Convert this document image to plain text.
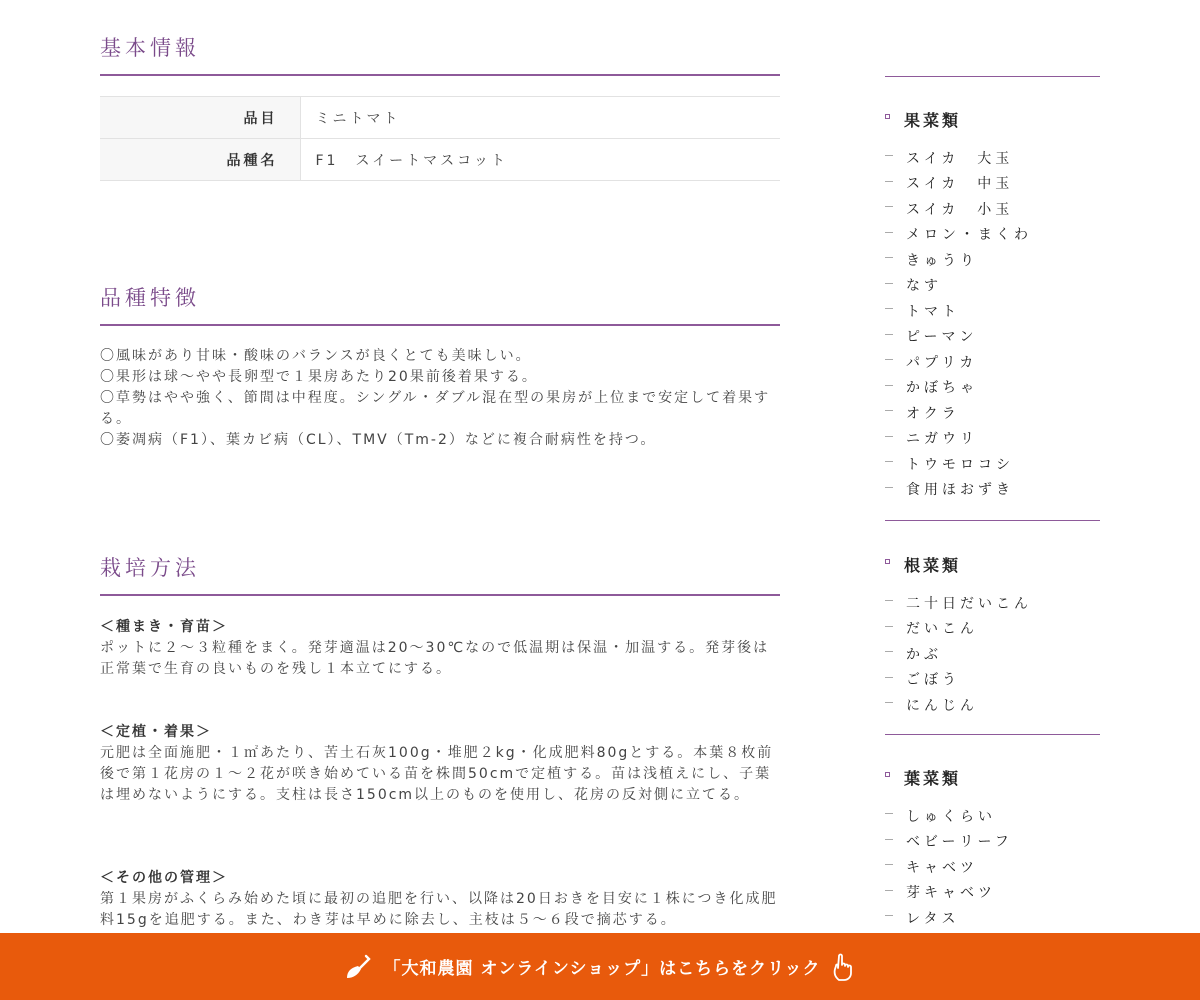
基本情報
品目	ミニトマト
品種名	F1　スイートマスコット
品種特徴

〇風味があり甘味・酸味のバランスが良くとても美味しい。

〇果形は球～やや長卵型で１果房あたり20果前後着果する。

〇草勢はやや強く、節間は中程度。シングル・ダブル混在型の果房が上位まで安定して着果する。

〇萎凋病（F1）、葉カビ病（CL）、TMV（Tm-2）などに複合耐病性を持つ。

栽培方法

＜種まき・育苗＞

ポットに２～３粒種をまく。発芽適温は20～30℃なので低温期は保温・加温する。発芽後は正常葉で生育の良いものを残し１本立てにする。

＜定植・着果＞

元肥は全面施肥・１㎡あたり、苦土石灰100g・堆肥２kg・化成肥料80gとする。本葉８枚前後で第１花房の１～２花が咲き始めている苗を株間50cmで定植する。苗は浅植えにし、子葉は埋めないようにする。支柱は長さ150cm以上のものを使用し、花房の反対側に立てる。

＜その他の管理＞

第１果房がふくらみ始めた頃に最初の追肥を行い、以降は20日おきを目安に１株につき化成肥料15gを追肥する。また、わき芽は早めに除去し、主枝は５～６段で摘芯する。

果菜類
スイカ　大玉
スイカ　中玉
スイカ　小玉
メロン・まくわ
きゅうり
なす
トマト
ピーマン
パプリカ
かぼちゃ
オクラ
ニガウリ
トウモロコシ
食用ほおずき
根菜類
二十日だいこん
だいこん
かぶ
ごぼう
にんじん
葉菜類
しゅくらい
ベビーリーフ
キャベツ
芽キャベツ
レタス
「大和農園 オンラインショップ」はこちらをクリック
